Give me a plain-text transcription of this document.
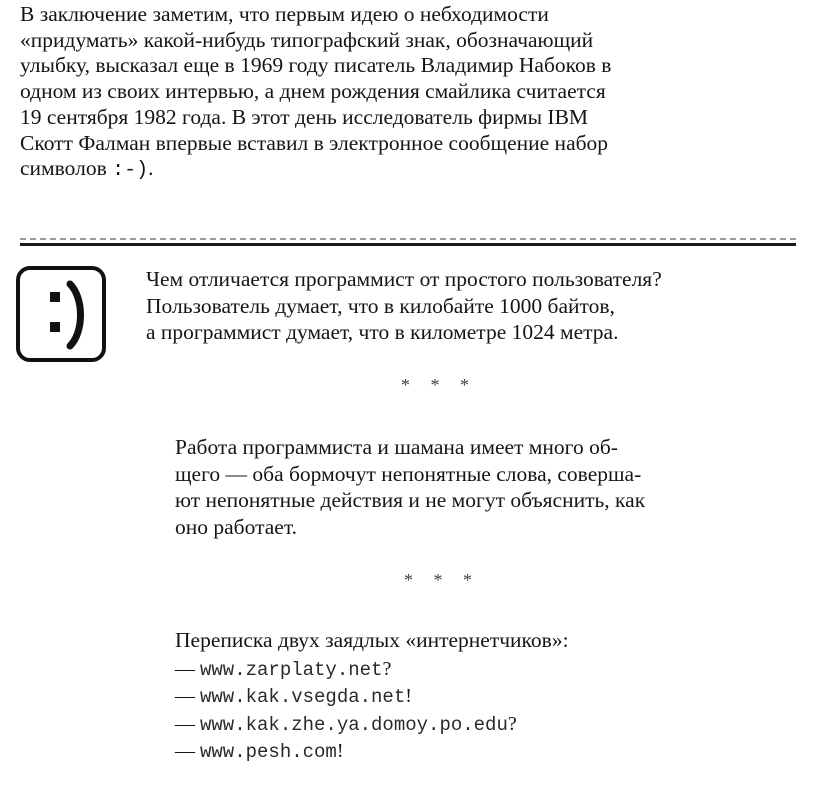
В заключение заметим, что первым идею о небходимости
«придумать» какой-нибудь типографский знак, обозначающий
улыбку, высказал еще в 1969 году писатель Владимир Набоков в
одном из своих интервью, а днем рождения смайлика считается
19 сентября 1982 года. В этот день исследователь фирмы IBM
Скотт Фалман впервые вставил в электронное сообщение набор
символов :-).

Чем отличается программист от простого пользователя?
Пользователь думает, что в килобайте 1000 байтов,
а программист думает, что в километре 1024 метра.

* * *

Работа программиста и шамана имеет много об-
щего — оба бормочут непонятные слова, соверша-
ют непонятные действия и не могут объяснить, как
оно работает.

* * *

Переписка двух заядлых «интернетчиков»:

— www.zarplaty.net?
— www.kak.vsegda.net!
— www.kak.zhe.ya.domoy.po.edu?
— www.pesh.com!
